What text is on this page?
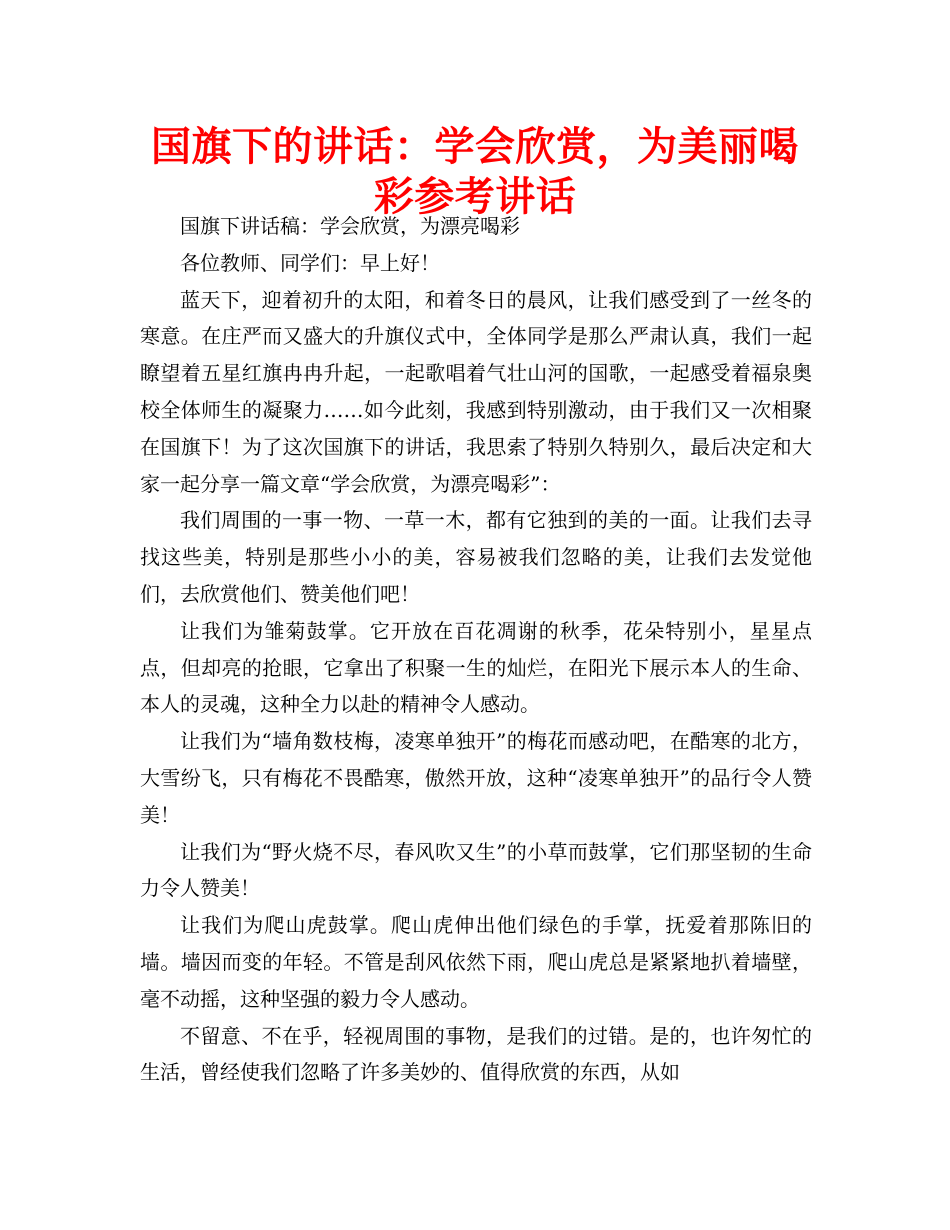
国旗下的讲话：学会欣赏，为美丽喝彩参考讲话

国旗下讲话稿：学会欣赏，为漂亮喝彩

各位教师、同学们：早上好！

蓝天下，迎着初升的太阳，和着冬日的晨风，让我们感受到了一丝冬的寒意。在庄严而又盛大的升旗仪式中，全体同学是那么严肃认真，我们一起瞭望着五星红旗冉冉升起，一起歌唱着气壮山河的国歌，一起感受着福泉奥校全体师生的凝聚力……如今此刻，我感到特别激动，由于我们又一次相聚在国旗下！为了这次国旗下的讲话，我思索了特别久特别久，最后决定和大家一起分享一篇文章“学会欣赏，为漂亮喝彩”：

我们周围的一事一物、一草一木，都有它独到的美的一面。让我们去寻找这些美，特别是那些小小的美，容易被我们忽略的美，让我们去发觉他们，去欣赏他们、赞美他们吧！

让我们为雏菊鼓掌。它开放在百花凋谢的秋季，花朵特别小，星星点点，但却亮的抢眼，它拿出了积聚一生的灿烂，在阳光下展示本人的生命、本人的灵魂，这种全力以赴的精神令人感动。

让我们为“墙角数枝梅，凌寒单独开”的梅花而感动吧，在酷寒的北方，大雪纷飞，只有梅花不畏酷寒，傲然开放，这种“凌寒单独开”的品行令人赞美！

让我们为“野火烧不尽，春风吹又生”的小草而鼓掌，它们那坚韧的生命力令人赞美！

让我们为爬山虎鼓掌。爬山虎伸出他们绿色的手掌，抚爱着那陈旧的墙。墙因而变的年轻。不管是刮风依然下雨，爬山虎总是紧紧地扒着墙壁，毫不动摇，这种坚强的毅力令人感动。

不留意、不在乎，轻视周围的事物，是我们的过错。是的，也许匆忙的生活，曾经使我们忽略了许多美妙的、值得欣赏的东西，从如
